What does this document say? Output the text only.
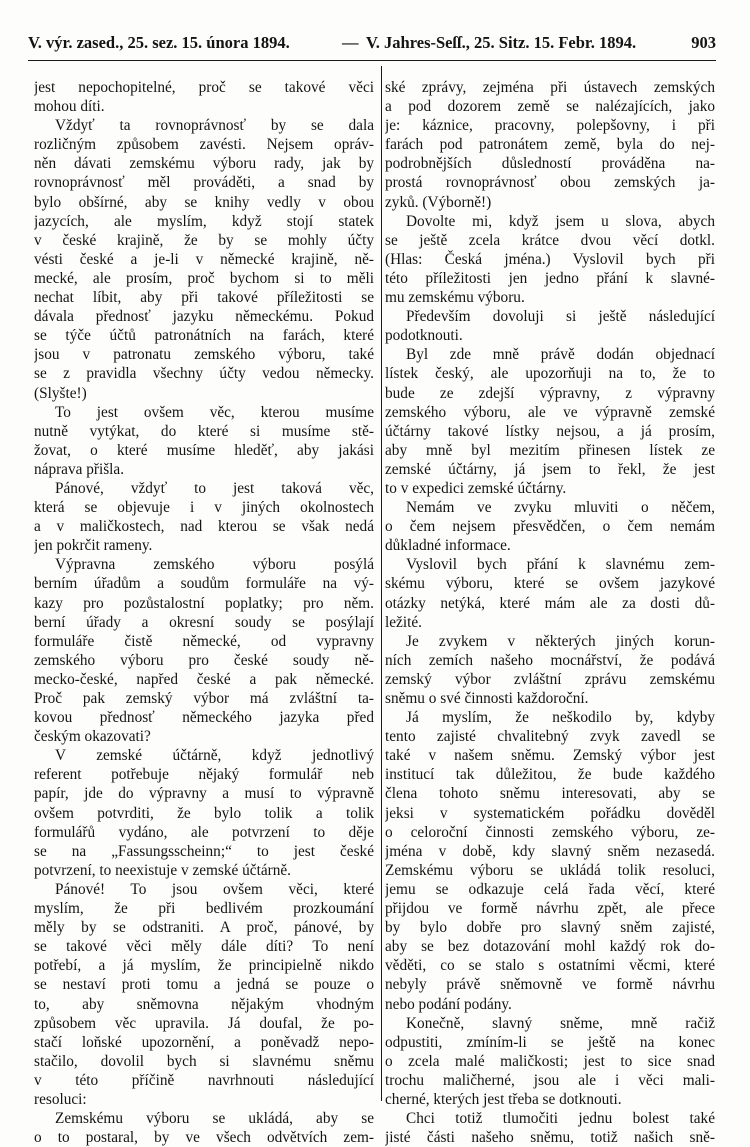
V. výr. zased., 25. sez. 15. února 1894.	— V. Jahres-Seſſ., 25. Sitz. 15. Febr. 1894.	903
jest nepochopitelné, proč se takové věci
mohou díti.
Vždyť ta rovnoprávnosť by se dala
rozličným způsobem zavésti. Nejsem opráv-
něn dávati zemskému výboru rady, jak by
rovnoprávnosť měl prováděti, a snad by
bylo obšírné, aby se knihy vedly v obou
jazycích, ale myslím, když stojí statek
v české krajině, že by se mohly účty
vésti české a je-li v německé krajině, ně-
mecké, ale prosím, proč bychom si to měli
nechat líbit, aby při takové příležitosti se
dávala přednosť jazyku německému. Pokud
se týče účtů patronátních na farách, které
jsou v patronatu zemského výboru, také
se z pravidla všechny účty vedou německy.
(Slyšte!)
To jest ovšem věc, kterou musíme
nutně vytýkat, do které si musíme stě-
žovat, o které musíme hleděť, aby jakási
náprava přišla.
Pánové, vždyť to jest taková věc,
která se objevuje i v jiných okolnostech
a v maličkostech, nad kterou se však nedá
jen pokrčit rameny.
Výpravna zemského výboru posýlá
berním úřadům a soudům formuláře na vý-
kazy pro pozůstalostní poplatky; pro něm.
berní úřady a okresní soudy se posýlají
formuláře čistě německé, od vypravny
zemského výboru pro české soudy ně-
mecko-české, napřed české a pak německé.
Proč pak zemský výbor má zvláštní ta-
kovou přednosť německého jazyka před
českým okazovati?
V zemské účtárně, když jednotlivý
referent potřebuje nějaký formulář neb
papír, jde do výpravny a musí to výpravně
ovšem potvrditi, že bylo tolik a tolik
formulářů vydáno, ale potvrzení to děje
se na „Fassungsscheinn;“ to jest české
potvrzení, to neexistuje v zemské účtárně.
Pánové! To jsou ovšem věci, které
myslím, že při bedlivém prozkoumání
měly by se odstraniti. A proč, pánové, by
se takové věci měly dále díti? To není
potřebí, a já myslím, že principielně nikdo
se nestaví proti tomu a jedná se pouze o
to, aby sněmovna nějakým vhodným
způsobem věc upravila. Já doufal, že po-
stačí loňské upozornění, a poněvadž nepo-
stačilo, dovolil bych si slavnému sněmu
v této příčině navrhnouti následující
resoluci:
Zemskému výboru se ukládá, aby se
o to postaral, by ve všech odvětvích zem-
ské zprávy, zejména při ústavech zemských
a pod dozorem země se nalézajících, jako
je: káznice, pracovny, polepšovny, i při
farách pod patronátem země, byla do nej-
podrobnějších důsledností prováděna na-
prostá rovnoprávnosť obou zemských ja-
zyků. (Výborně!)
Dovolte mi, když jsem u slova, abych
se ještě zcela krátce dvou věcí dotkl.
(Hlas: Česká jména.) Vyslovil bych při
této příležitosti jen jedno přání k slavné-
mu zemskému výboru.
Především dovoluji si ještě následující
podotknouti.
Byl zde mně právě dodán objednací
lístek český, ale upozorňuji na to, že to
bude ze zdejší výpravny, z výpravny
zemského výboru, ale ve výpravně zemské
účtárny takové lístky nejsou, a já prosím,
aby mně byl mezitím přinesen lístek ze
zemské účtárny, já jsem to řekl, že jest
to v expedici zemské účtárny.
Nemám ve zvyku mluviti o něčem,
o čem nejsem přesvědčen, o čem nemám
důkladné informace.
Vyslovil bych přání k slavnému zem-
skému výboru, které se ovšem jazykové
otázky netýká, které mám ale za dosti dů-
ležité.
Je zvykem v některých jiných korun-
ních zemích našeho mocnářství, že podává
zemský výbor zvláštní zprávu zemskému
sněmu o své činnosti každoroční.
Já myslím, že neškodilo by, kdyby
tento zajisté chvalitebný zvyk zavedl se
také v našem sněmu. Zemský výbor jest
institucí tak důležitou, že bude každého
člena tohoto sněmu interesovati, aby se
jeksi v systematickém pořádku dověděl
o celoroční činnosti zemského výboru, ze-
jména v době, kdy slavný sněm nezasedá.
Zemskému výboru se ukládá tolik resoluci,
jemu se odkazuje celá řada věcí, které
přijdou ve formě návrhu zpět, ale přece
by bylo dobře pro slavný sněm zajisté,
aby se bez dotazování mohl každý rok do-
věděti, co se stalo s ostatními věcmi, které
nebyly právě sněmovně ve formě návrhu
nebo podání podány.
Konečně, slavný sněme, mně račiž
odpustiti, zmíním-li se ještě na konec
o zcela malé maličkosti; jest to sice snad
trochu maličherné, jsou ale i věci mali-
cherné, kterých jest třeba se dotknouti.
Chci totiž tlumočiti jednu bolest také
jisté části našeho sněmu, totiž našich sně-
